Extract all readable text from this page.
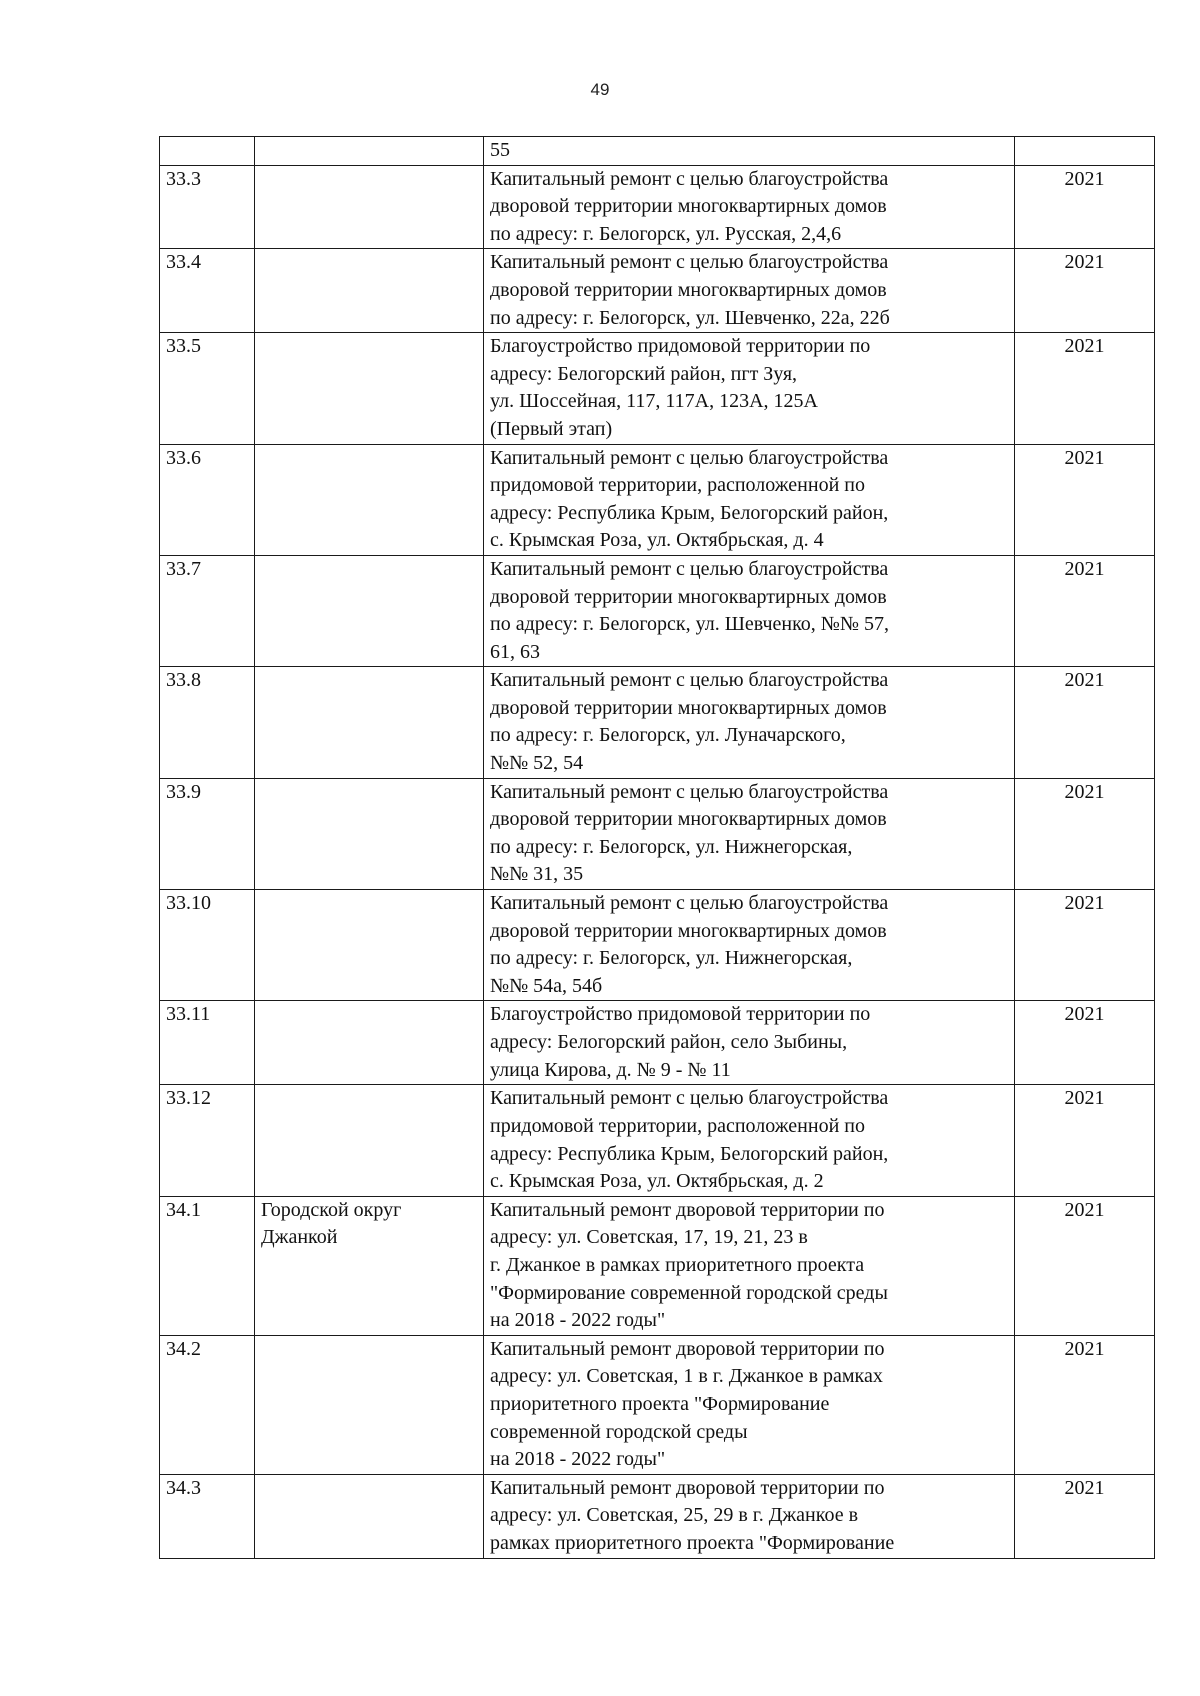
49
		55	
33.3		Капитальный ремонт с целью благоустройства
дворовой территории многоквартирных домов
по адресу: г. Белогорск, ул. Русская, 2,4,6	2021
33.4		Капитальный ремонт с целью благоустройства
дворовой территории многоквартирных домов
по адресу: г. Белогорск, ул. Шевченко, 22а, 22б	2021
33.5		Благоустройство придомовой территории по
адресу: Белогорский район, пгт Зуя,
ул. Шоссейная, 117, 117А, 123А, 125А
(Первый этап)	2021
33.6		Капитальный ремонт с целью благоустройства
придомовой территории, расположенной по
адресу: Республика Крым, Белогорский район,
с. Крымская Роза, ул. Октябрьская, д. 4	2021
33.7		Капитальный ремонт с целью благоустройства
дворовой территории многоквартирных домов
по адресу: г. Белогорск, ул. Шевченко, №№ 57,
61, 63	2021
33.8		Капитальный ремонт с целью благоустройства
дворовой территории многоквартирных домов
по адресу: г. Белогорск, ул. Луначарского,
№№ 52, 54	2021
33.9		Капитальный ремонт с целью благоустройства
дворовой территории многоквартирных домов
по адресу: г. Белогорск, ул. Нижнегорская,
№№ 31, 35	2021
33.10		Капитальный ремонт с целью благоустройства
дворовой территории многоквартирных домов
по адресу: г. Белогорск, ул. Нижнегорская,
№№ 54а, 54б	2021
33.11		Благоустройство придомовой территории по
адресу: Белогорский район, село Зыбины,
улица Кирова, д. № 9 - № 11	2021
33.12		Капитальный ремонт с целью благоустройства
придомовой территории, расположенной по
адресу: Республика Крым, Белогорский район,
с. Крымская Роза, ул. Октябрьская, д. 2	2021
34.1	Городской округ
Джанкой	Капитальный ремонт дворовой территории по
адресу: ул. Советская, 17, 19, 21, 23 в
г. Джанкое в рамках приоритетного проекта
"Формирование современной городской среды
на 2018 - 2022 годы"	2021
34.2		Капитальный ремонт дворовой территории по
адресу: ул. Советская, 1 в г. Джанкое в рамках
приоритетного проекта "Формирование
современной городской среды
на 2018 - 2022 годы"	2021
34.3		Капитальный ремонт дворовой территории по
адресу: ул. Советская, 25, 29 в г. Джанкое в
рамках приоритетного проекта "Формирование	2021
